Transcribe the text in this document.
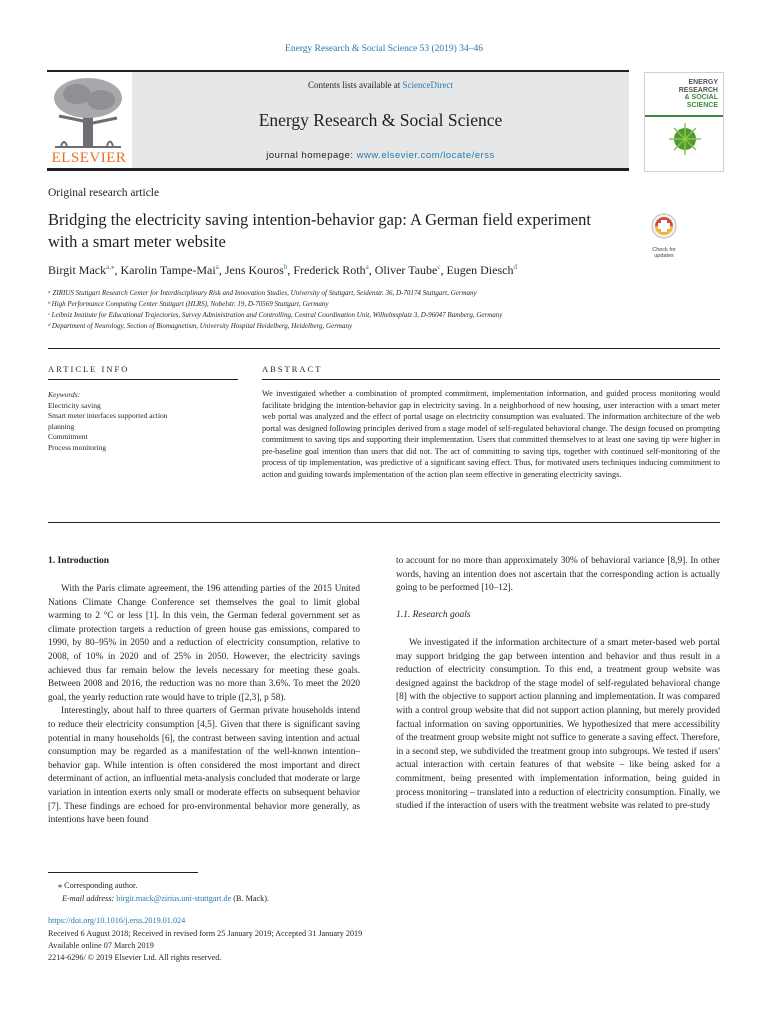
Energy Research & Social Science 53 (2019) 34–46
ELSEVIER
Contents lists available at ScienceDirect
Energy Research & Social Science
journal homepage: www.elsevier.com/locate/erss
ENERGY
RESEARCH
& SOCIAL
SCIENCE
Original research article
Bridging the electricity saving intention-behavior gap: A German field experiment with a smart meter website	Check for updates
Birgit Mack$^{a,⁎}$, Karolin Tampe-Mai$^a$, Jens Kouros$^b$, Frederick Roth$^a$, Oliver Taube$^c$, Eugen Diesch$^d$
ᵃ ZIRIUS Stuttgart Research Center for Interdisciplinary Risk and Innovation Studies, University of Stuttgart, Seidenstr. 36, D-70174 Stuttgart, Germany
ᵇ High Performance Computing Center Stuttgart (HLRS), Nobelstr. 19, D-70569 Stuttgart, Germany
ᶜ Leibniz Institute for Educational Trajectories, Survey Administration and Controlling, Central Coordination Unit, Wilhelmsplatz 3, D-96047 Bamberg, Germany
ᵈ Department of Neurology, Section of Biomagnetism, University Hospital Heidelberg, Heidelberg, Germany
ARTICLE INFO	ABSTRACT
Keywords:
Electricity saving
Smart meter interfaces supported action
planning
Commitment
Process monitoring
We investigated whether a combination of prompted commitment, implementation information, and guided process monitoring would facilitate bridging the intention-behavior gap in electricity saving. In a neighborhood of new housing, user interaction with a smart meter web portal was analyzed and the effect of portal usage on electricity consumption was evaluated. The information architecture of the web portal was designed following principles derived from a stage model of self-regulated behavioral change. The design focused on prompting commitment to saving tips and supporting their implementation. Users that committed themselves to at least one saving tip were higher in pre-baseline goal intention than users that did not. The act of committing to saving tips, together with continued self-monitoring of the process of tip implementation, was predictive of a significant saving effect. Thus, for motivated users techniques inducing commitment to action and guiding towards implementation of the action plan seem effective in generating electricity savings.
1. Introduction

With the Paris climate agreement, the 196 attending parties of the 2015 United Nations Climate Change Conference set themselves the goal to limit global warming to 2 °C or less [1]. In this vein, the German federal government set as climate protection targets a reduction of green house gas emissions, compared to 1990, by 80–95% in 2050 and a reduction of electricity consumption, relative to 2008, of 10% in 2020 and of 25% in 2050. However, the electricity savings achieved thus far remain below the levels necessary for meeting these goals. Between 2008 and 2016, the reduction was no more than 3.6%. To meet the 2020 goal, the yearly reduction rate would have to triple ([2,3], p 58).

Interestingly, about half to three quarters of German private households intend to reduce their electricity consumption [4,5]. Given that there is significant saving potential in many households [6], the contrast between saving intention and actual consumption may be regarded as a manifestation of the well-known intention–behavior gap. While intention is often considered the most important and direct determinant of action, an influential meta-analysis concluded that moderate or large variation in intention exerts only small or moderate effects on subsequent behavior [7]. These findings are echoed for pro-environmental behavior more generally, as intentions have been found

to account for no more than approximately 30% of behavioral variance [8,9]. In other words, having an intention does not ascertain that the corresponding action is actually going to be performed [10–12].

1.1. Research goals

We investigated if the information architecture of a smart meter-based web portal may support bridging the gap between intention and behavior and thus result in a reduction of electricity consumption. To this end, a treatment group website was designed against the backdrop of the stage model of self-regulated behavioral change [8] with the objective to support action planning and implementation. It was compared with a control group website that did not support action planning, but merely provided factual information on saving opportunities. We hypothesized that mere accessibility of the treatment group website might not suffice to generate a saving effect. Therefore, in a second step, we subdivided the treatment group into subgroups. We tested if users' actual interaction with certain features of that website – like being asked for a commitment, being presented with implementation information, being guided in process monitoring – translated into a reduction of electricity consumption. Finally, we studied if the interaction of users with the treatment website was related to pre-study

⁎ Corresponding author.
E-mail address: birgit.mack@zirius.uni-stuttgart.de (B. Mack).
https://doi.org/10.1016/j.erss.2019.01.024
Received 6 August 2018; Received in revised form 25 January 2019; Accepted 31 January 2019
Available online 07 March 2019
2214-6296/ © 2019 Elsevier Ltd. All rights reserved.
